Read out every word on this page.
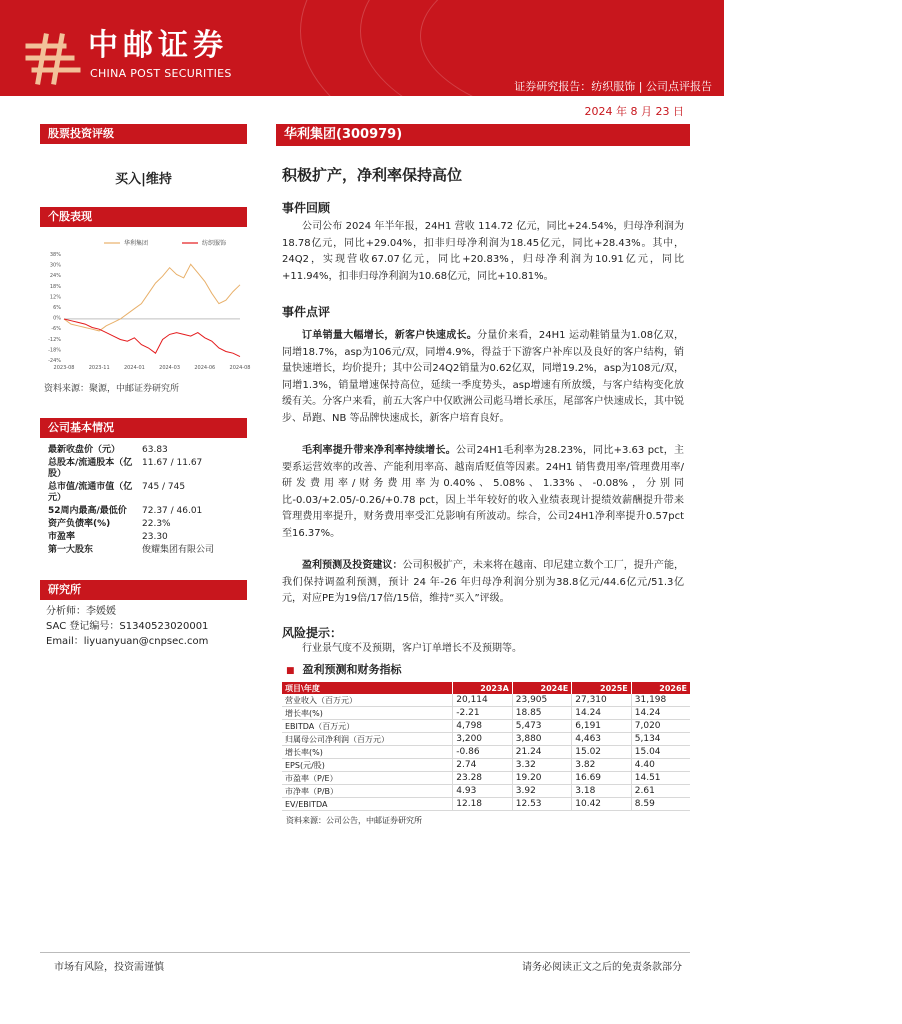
中邮证券
CHINA POST SECURITIES
证券研究报告：纺织服饰 | 公司点评报告
2024 年 8 月 23 日
股票投资评级
买入|维持
个股表现
38%
30%
24%
18%
12%
6%
0%
-6%
-12%
-18%
-24%
2023-08	2023-11	2024-01	2024-03	2024-06	2024-08
华利集团	纺织服饰
资料来源：聚源，中邮证券研究所
公司基本情况
最新收盘价（元）	63.83
总股本/流通股本（亿股）	11.67 / 11.67
总市值/流通市值（亿元）	745 / 745
52周内最高/最低价	72.37 / 46.01
资产负债率(%)	22.3%
市盈率	23.30
第一大股东	俊耀集团有限公司
研究所
分析师：李媛媛
SAC 登记编号：S1340523020001
Email：liyuanyuan@cnpsec.com
华利集团(300979)
积极扩产，净利率保持高位
事件回顾
公司公布 2024 年半年报，24H1 营收 114.72 亿元，同比+24.54%，归母净利润为18.78亿元，同比+29.04%，扣非归母净利润为18.45亿元，同比+28.43%。其中，24Q2，实现营收67.07亿元，同比+20.83%，归母净利润为10.91亿元，同比+11.94%，扣非归母净利润为10.68亿元，同比+10.81%。
事件点评
订单销量大幅增长，新客户快速成长。分量价来看，24H1 运动鞋销量为1.08亿双，同增18.7%，asp为106元/双，同增4.9%，得益于下游客户补库以及良好的客户结构，销量快速增长，均价提升；其中公司24Q2销量为0.62亿双，同增19.2%，asp为108元/双，同增1.3%，销量增速保持高位，延续一季度势头，asp增速有所放缓，与客户结构变化放缓有关。分客户来看，前五大客户中仅欧洲公司彪马增长承压，尾部客户快速成长，其中锐步、昂跑、NB 等品牌快速成长，新客户培育良好。
毛利率提升带来净利率持续增长。公司24H1毛利率为28.23%，同比+3.63 pct，主要系运营效率的改善、产能利用率高、越南盾贬值等因素。24H1 销售费用率/管理费用率/研发费用率/财务费用率为0.40%、5.08%、1.33%、-0.08%，分别同比-0.03/+2.05/-0.26/+0.78 pct，因上半年较好的收入业绩表现计提绩效薪酬提升带来管理费用率提升，财务费用率受汇兑影响有所波动。综合，公司24H1净利率提升0.57pct至16.37%。
盈利预测及投资建议：公司积极扩产，未来将在越南、印尼建立数个工厂，提升产能，我们保持调盈利预测，预计 24 年-26 年归母净利润分别为38.8亿元/44.6亿元/51.3亿元，对应PE为19倍/17倍/15倍，维持“买入”评级。
风险提示：
行业景气度不及预期，客户订单增长不及预期等。
■ 盈利预测和财务指标
项目\年度	2023A	2024E	2025E	2026E
营业收入（百万元）	20,114	23,905	27,310	31,198
增长率(%)	-2.21	18.85	14.24	14.24
EBITDA（百万元）	4,798	5,473	6,191	7,020
归属母公司净利润（百万元）	3,200	3,880	4,463	5,134
增长率(%)	-0.86	21.24	15.02	15.04
EPS(元/股)	2.74	3.32	3.82	4.40
市盈率（P/E）	23.28	19.20	16.69	14.51
市净率（P/B）	4.93	3.92	3.18	2.61
EV/EBITDA	12.18	12.53	10.42	8.59
资料来源：公司公告，中邮证券研究所
市场有风险，投资需谨慎	请务必阅读正文之后的免责条款部分
